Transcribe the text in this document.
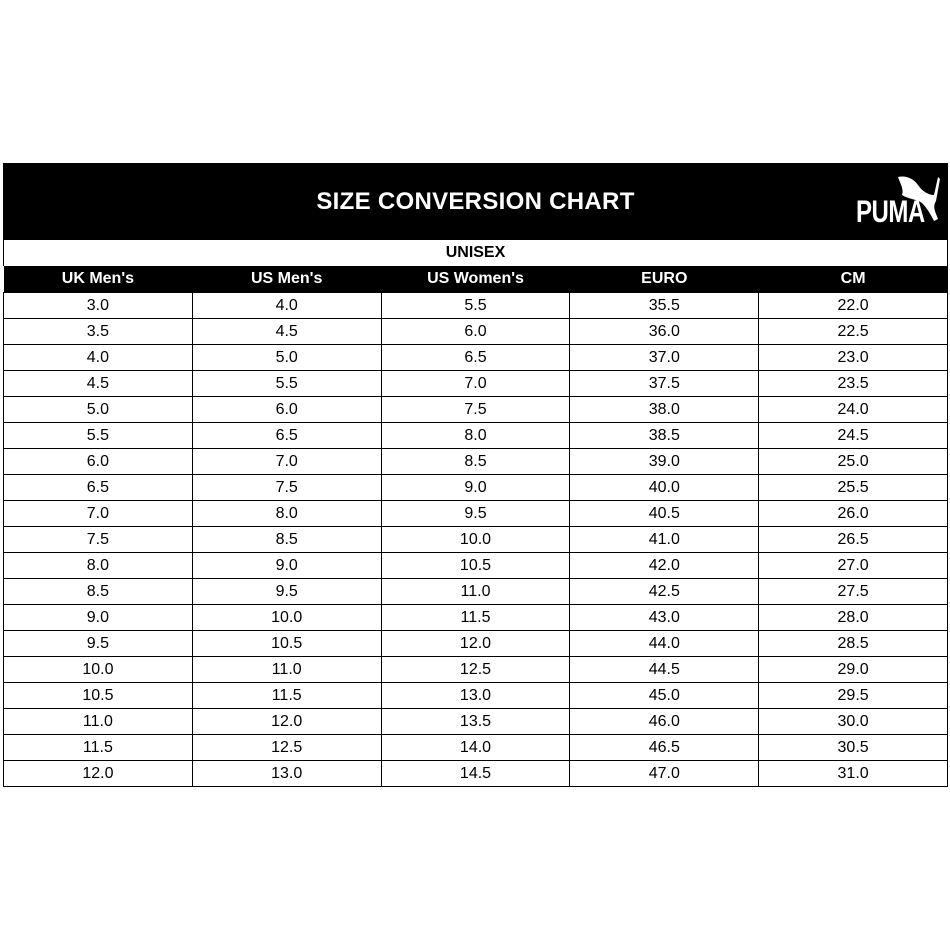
SIZE CONVERSION CHART	PUMA
UNISEX
UK Men's	US Men's	US Women's	EURO	CM
3.0	4.0	5.5	35.5	22.0
3.5	4.5	6.0	36.0	22.5
4.0	5.0	6.5	37.0	23.0
4.5	5.5	7.0	37.5	23.5
5.0	6.0	7.5	38.0	24.0
5.5	6.5	8.0	38.5	24.5
6.0	7.0	8.5	39.0	25.0
6.5	7.5	9.0	40.0	25.5
7.0	8.0	9.5	40.5	26.0
7.5	8.5	10.0	41.0	26.5
8.0	9.0	10.5	42.0	27.0
8.5	9.5	11.0	42.5	27.5
9.0	10.0	11.5	43.0	28.0
9.5	10.5	12.0	44.0	28.5
10.0	11.0	12.5	44.5	29.0
10.5	11.5	13.0	45.0	29.5
11.0	12.0	13.5	46.0	30.0
11.5	12.5	14.0	46.5	30.5
12.0	13.0	14.5	47.0	31.0
